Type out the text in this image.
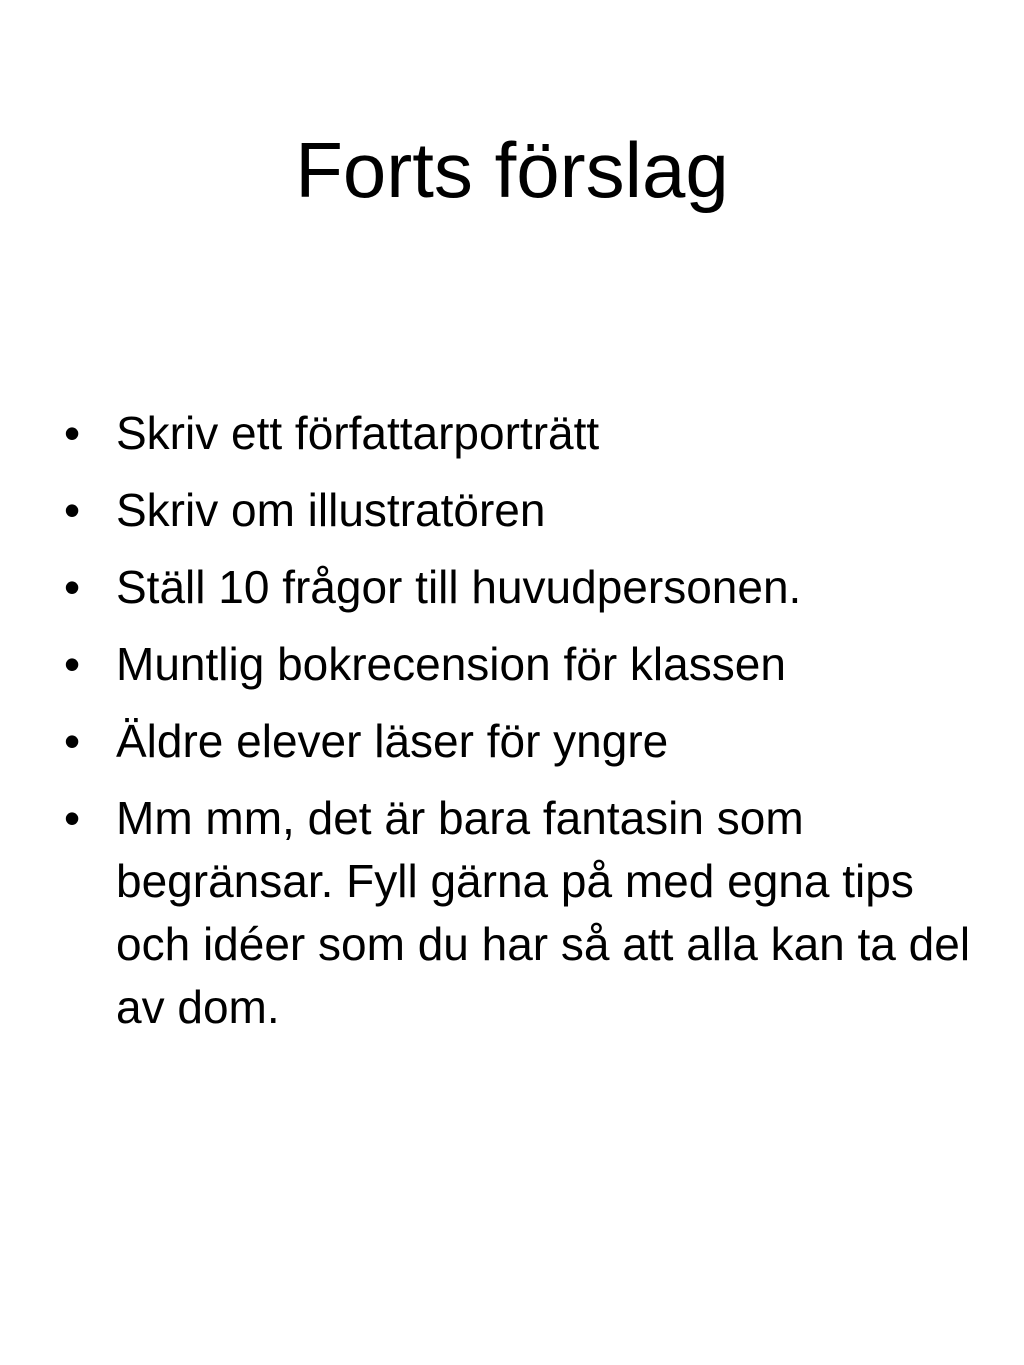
Forts förslag
• Skriv ett författarporträtt
• Skriv om illustratören
• Ställ 10 frågor till huvudpersonen.
• Muntlig bokrecension för klassen
• Äldre elever läser för yngre
• Mm mm, det är bara fantasin som begränsar. Fyll gärna på med egna tips och idéer som du har så att alla kan ta del av dom.
